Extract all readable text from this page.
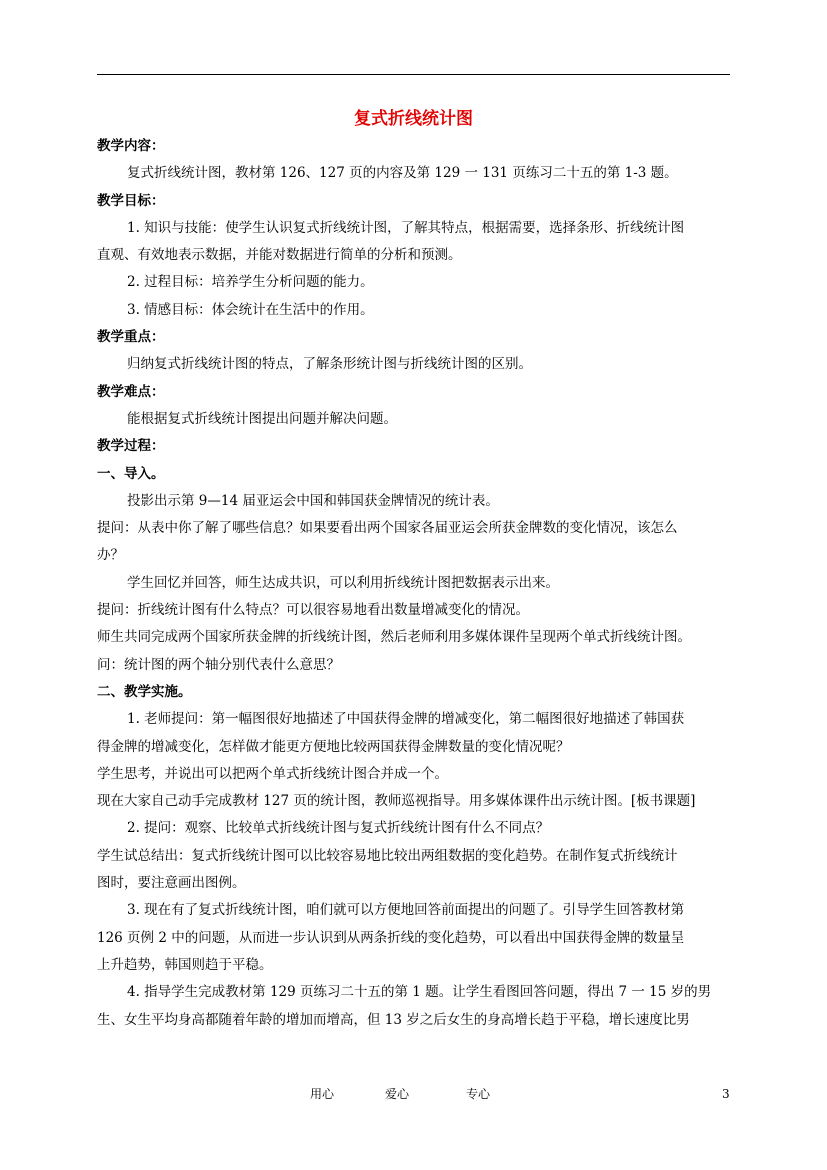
复式折线统计图
教学内容：
复式折线统计图，教材第 126、127 页的内容及第 129 一 131 页练习二十五的第 1-3 题。
教学目标：
1. 知识与技能：使学生认识复式折线统计图，了解其特点，根据需要，选择条形、折线统计图
直观、有效地表示数据，并能对数据进行简单的分析和预测。
2. 过程目标：培养学生分析问题的能力。
3. 情感目标：体会统计在生活中的作用。
教学重点：
归纳复式折线统计图的特点，了解条形统计图与折线统计图的区别。
教学难点：
能根据复式折线统计图提出问题并解决问题。
教学过程：
一、导入。
投影出示第 9—14 届亚运会中国和韩国获金牌情况的统计表。
提问：从表中你了解了哪些信息？如果要看出两个国家各届亚运会所获金牌数的变化情况，该怎么
办？
学生回忆并回答，师生达成共识，可以利用折线统计图把数据表示出来。
提问：折线统计图有什么特点？可以很容易地看出数量增减变化的情况。
师生共同完成两个国家所获金牌的折线统计图，然后老师利用多媒体课件呈现两个单式折线统计图。
问：统计图的两个轴分别代表什么意思？
二、教学实施。
1. 老师提问：第一幅图很好地描述了中国获得金牌的增减变化，第二幅图很好地描述了韩国获
得金牌的增减变化，怎样做才能更方便地比较两国获得金牌数量的变化情况呢？
学生思考，并说出可以把两个单式折线统计图合并成一个。
现在大家自己动手完成教材 127 页的统计图，教师巡视指导。用多媒体课件出示统计图。[板书课题]
2. 提问：观察、比较单式折线统计图与复式折线统计图有什么不同点？
学生试总结出：复式折线统计图可以比较容易地比较出两组数据的变化趋势。在制作复式折线统计
图时，要注意画出图例。
3. 现在有了复式折线统计图，咱们就可以方便地回答前面提出的问题了。引导学生回答教材第
126 页例 2 中的问题，从而进一步认识到从两条折线的变化趋势，可以看出中国获得金牌的数量呈
上升趋势，韩国则趋于平稳。
4. 指导学生完成教材第 129 页练习二十五的第 1 题。让学生看图回答问题，得出 7 一 15 岁的男
生、女生平均身高都随着年龄的增加而增高，但 13 岁之后女生的身高增长趋于平稳，增长速度比男
用心	爱心	专心	3
